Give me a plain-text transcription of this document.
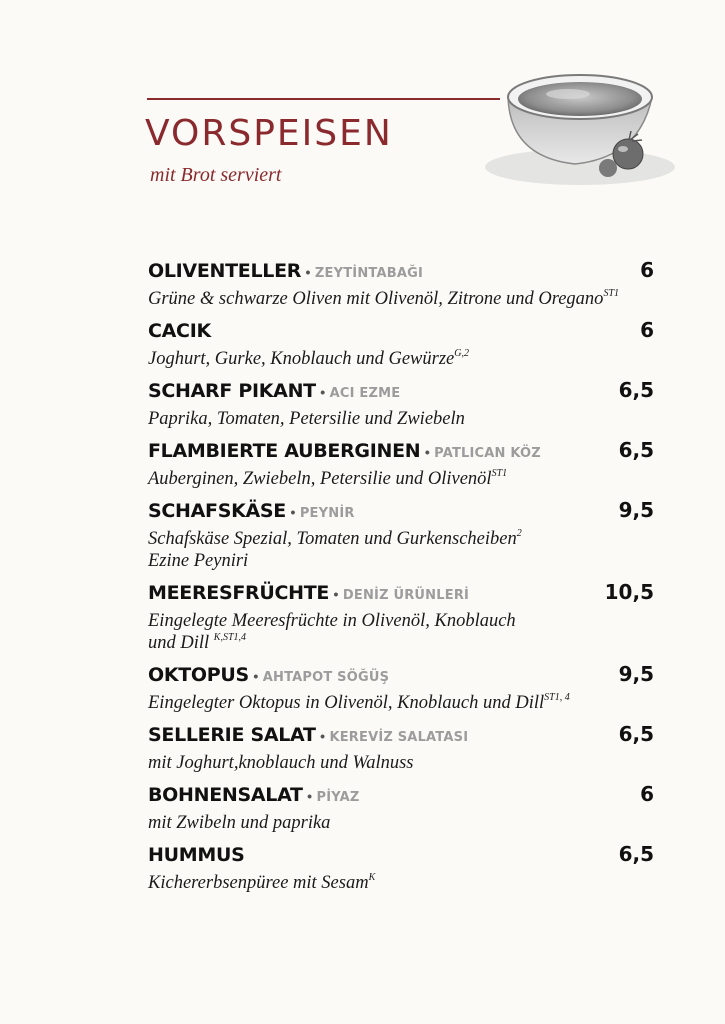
VORSPEISEN
mit Brot serviert
OLIVENTELLER • ZEYTİNTABAĞI	6
Grüne & schwarze Oliven mit Olivenöl, Zitrone und Oregano$^{ST1}$
CACIK	6
Joghurt, Gurke, Knoblauch und Gewürze$^{G,2}$
SCHARF PIKANT • ACI EZME	6,5
Paprika, Tomaten, Petersilie und Zwiebeln
FLAMBIERTE AUBERGINEN • PATLICAN KÖZ	6,5
Auberginen, Zwiebeln, Petersilie und Olivenöl$^{ST1}$
SCHAFSKÄSE • PEYNİR	9,5
Schafskäse Spezial, Tomaten und Gurkenscheiben$^2$
Ezine Peyniri
MEERESFRÜCHTE • DENİZ ÜRÜNLERİ	10,5
Eingelegte Meeresfrüchte in Olivenöl, Knoblauch
und Dill $^{K,ST1,4}$
OKTOPUS • AHTAPOT SÖĞÜŞ	9,5
Eingelegter Oktopus in Olivenöl, Knoblauch und Dill$^{ST1, 4}$
SELLERIE SALAT • KEREVİZ SALATASI	6,5
mit Joghurt,knoblauch und Walnuss
BOHNENSALAT • PİYAZ	6
mit Zwibeln und paprika
HUMMUS	6,5
Kichererbsenpüree mit Sesam$^K$
